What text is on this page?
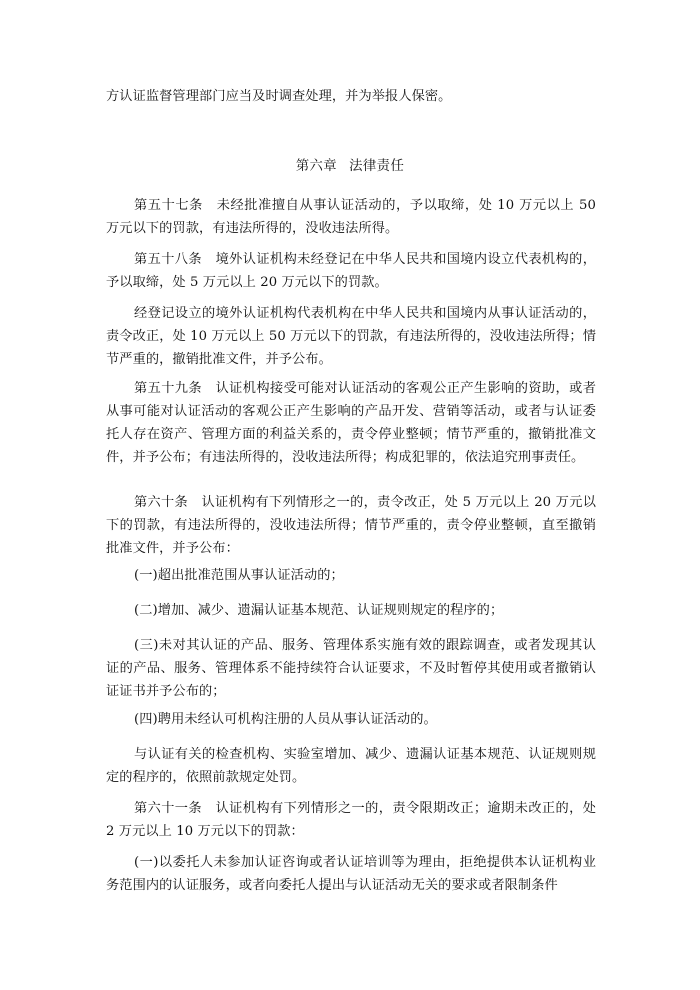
方认证监督管理部门应当及时调查处理，并为举报人保密。

第六章 法律责任

第五十七条　未经批准擅自从事认证活动的，予以取缔，处 10 万元以上 50 万元以下的罚款，有违法所得的，没收违法所得。

第五十八条　境外认证机构未经登记在中华人民共和国境内设立代表机构的，予以取缔，处 5 万元以上 20 万元以下的罚款。

经登记设立的境外认证机构代表机构在中华人民共和国境内从事认证活动的，责令改正，处 10 万元以上 50 万元以下的罚款，有违法所得的，没收违法所得；情节严重的，撤销批准文件，并予公布。

第五十九条　认证机构接受可能对认证活动的客观公正产生影响的资助，或者从事可能对认证活动的客观公正产生影响的产品开发、营销等活动，或者与认证委托人存在资产、管理方面的利益关系的，责令停业整顿；情节严重的，撤销批准文件，并予公布；有违法所得的，没收违法所得；构成犯罪的，依法追究刑事责任。

第六十条　认证机构有下列情形之一的，责令改正，处 5 万元以上 20 万元以下的罚款，有违法所得的，没收违法所得；情节严重的，责令停业整顿，直至撤销批准文件，并予公布：

(一)超出批准范围从事认证活动的；

(二)增加、减少、遗漏认证基本规范、认证规则规定的程序的；

(三)未对其认证的产品、服务、管理体系实施有效的跟踪调查，或者发现其认证的产品、服务、管理体系不能持续符合认证要求，不及时暂停其使用或者撤销认证证书并予公布的；

(四)聘用未经认可机构注册的人员从事认证活动的。

与认证有关的检查机构、实验室增加、减少、遗漏认证基本规范、认证规则规定的程序的，依照前款规定处罚。

第六十一条　认证机构有下列情形之一的，责令限期改正；逾期未改正的，处 2 万元以上 10 万元以下的罚款：

(一)以委托人未参加认证咨询或者认证培训等为理由，拒绝提供本认证机构业务范围内的认证服务，或者向委托人提出与认证活动无关的要求或者限制条件
